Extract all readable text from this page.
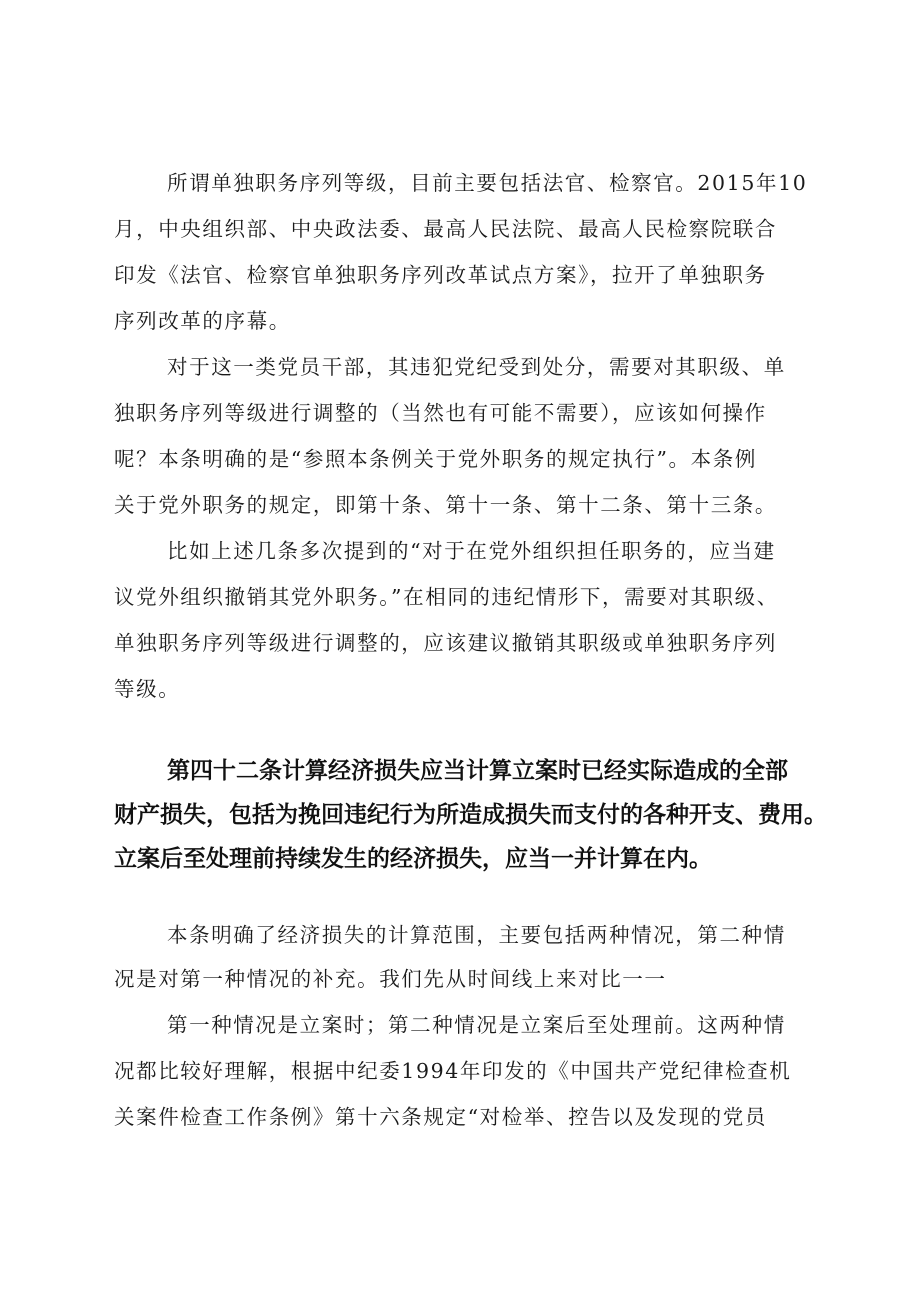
所谓单独职务序列等级，目前主要包括法官、检察官。2015年10

月，中央组织部、中央政法委、最高人民法院、最高人民检察院联合

印发《法官、检察官单独职务序列改革试点方案》，拉开了单独职务

序列改革的序幕。

对于这一类党员干部，其违犯党纪受到处分，需要对其职级、单

独职务序列等级进行调整的（当然也有可能不需要），应该如何操作

呢？本条明确的是“参照本条例关于党外职务的规定执行”。本条例

关于党外职务的规定，即第十条、第十一条、第十二条、第十三条。

比如上述几条多次提到的“对于在党外组织担任职务的，应当建

议党外组织撤销其党外职务。”在相同的违纪情形下，需要对其职级、

单独职务序列等级进行调整的，应该建议撤销其职级或单独职务序列

等级。

第四十二条计算经济损失应当计算立案时已经实际造成的全部

财产损失，包括为挽回违纪行为所造成损失而支付的各种开支、费用。

立案后至处理前持续发生的经济损失，应当一并计算在内。

本条明确了经济损失的计算范围，主要包括两种情况，第二种情

况是对第一种情况的补充。我们先从时间线上来对比一一

第一种情况是立案时；第二种情况是立案后至处理前。这两种情

况都比较好理解，根据中纪委1994年印发的《中国共产党纪律检查机

关案件检查工作条例》第十六条规定“对检举、控告以及发现的党员
